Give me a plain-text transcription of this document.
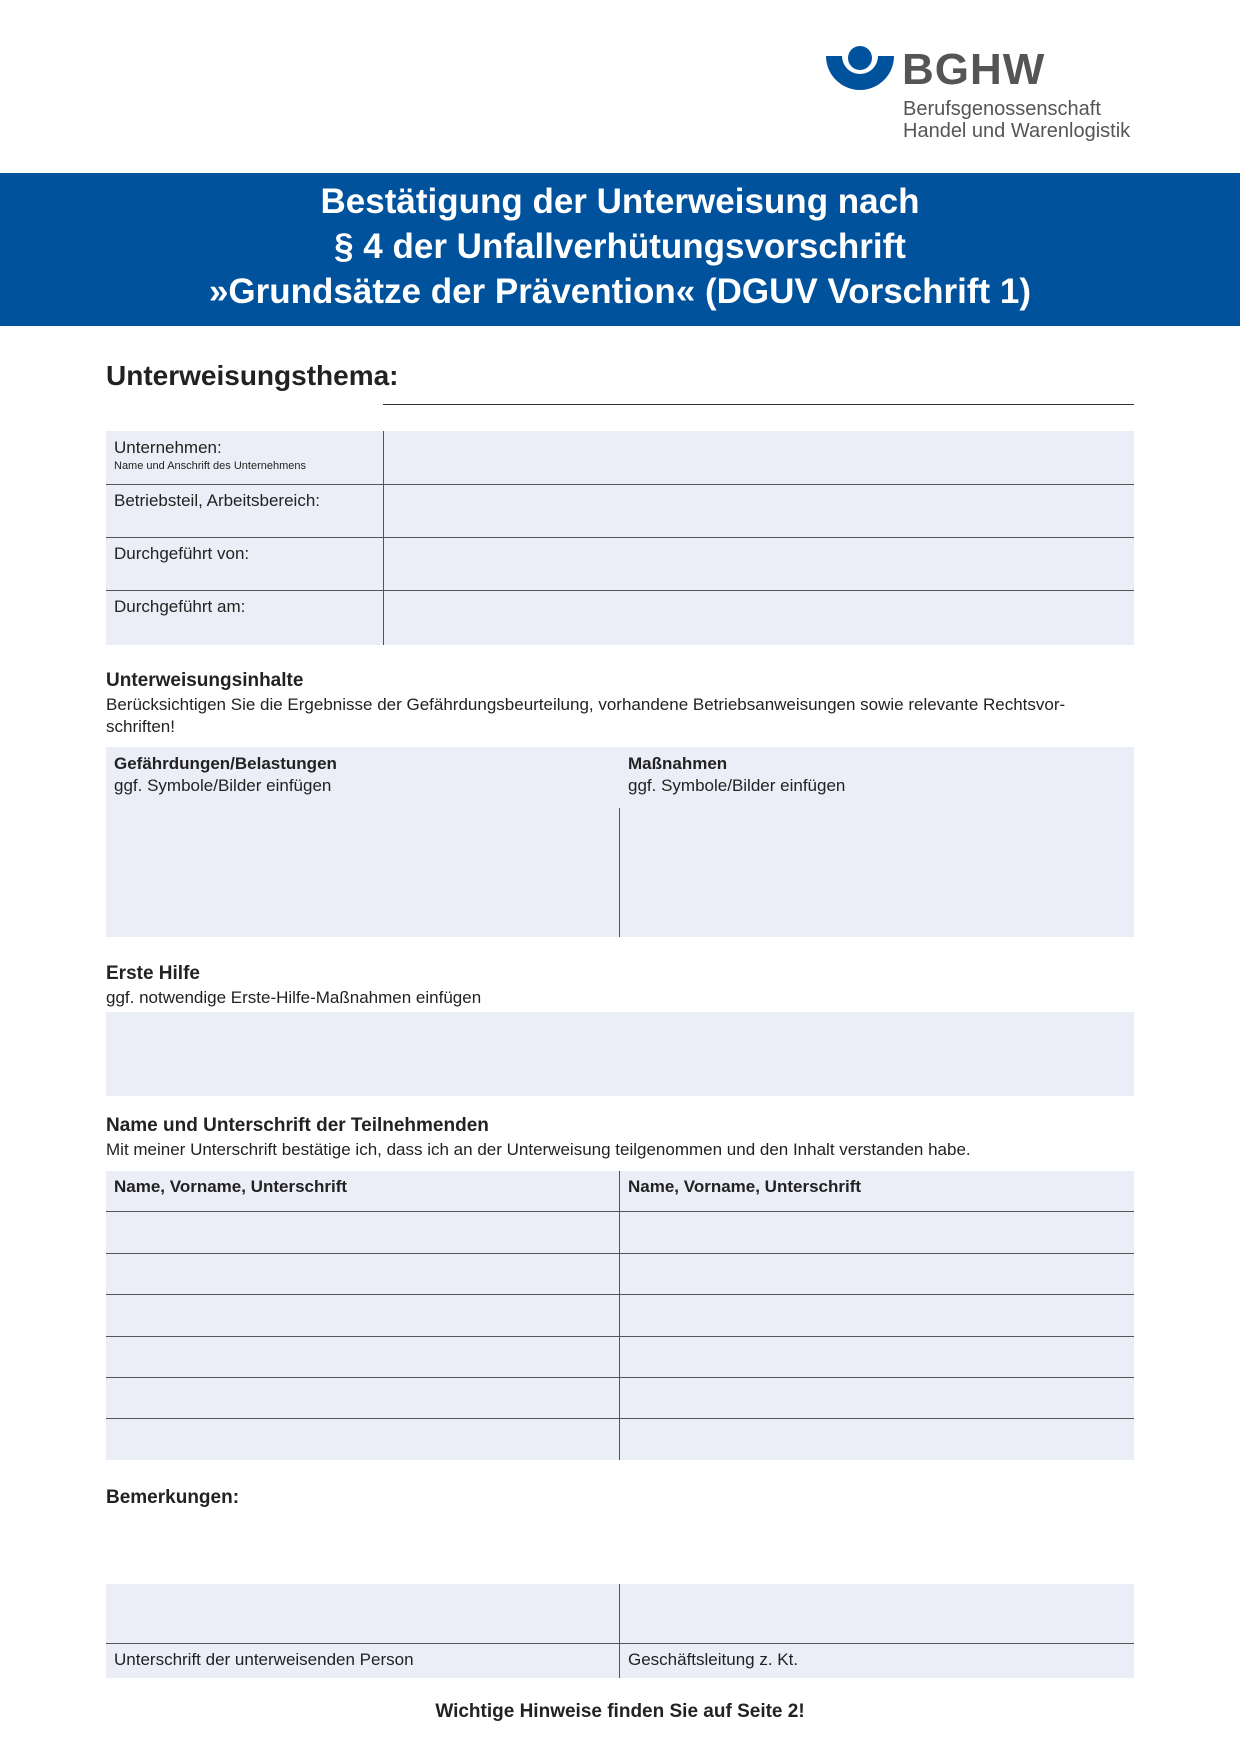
BGHW
Berufsgenossenschaft
Handel und Warenlogistik
Bestätigung der Unterweisung nach
§ 4 der Unfallverhütungsvorschrift
»Grundsätze der Prävention« (DGUV Vorschrift 1)
Unterweisungsthema:
Unternehmen:
Name und Anschrift des Unternehmens
Betriebsteil, Arbeitsbereich:
Durchgeführt von:
Durchgeführt am:
Unterweisungsinhalte
Berücksichtigen Sie die Ergebnisse der Gefährdungsbeurteilung, vorhandene Betriebsanweisungen sowie relevante Rechtsvor-
schriften!
Gefährdungen/Belastungen
ggf. Symbole/Bilder einfügen
Maßnahmen
ggf. Symbole/Bilder einfügen
Erste Hilfe
ggf. notwendige Erste-Hilfe-Maßnahmen einfügen
Name und Unterschrift der Teilnehmenden
Mit meiner Unterschrift bestätige ich, dass ich an der Unterweisung teilgenommen und den Inhalt verstanden habe.
Name, Vorname, Unterschrift	Name, Vorname, Unterschrift
Bemerkungen:
Unterschrift der unterweisenden Person	Geschäftsleitung z. Kt.
Wichtige Hinweise finden Sie auf Seite 2!
